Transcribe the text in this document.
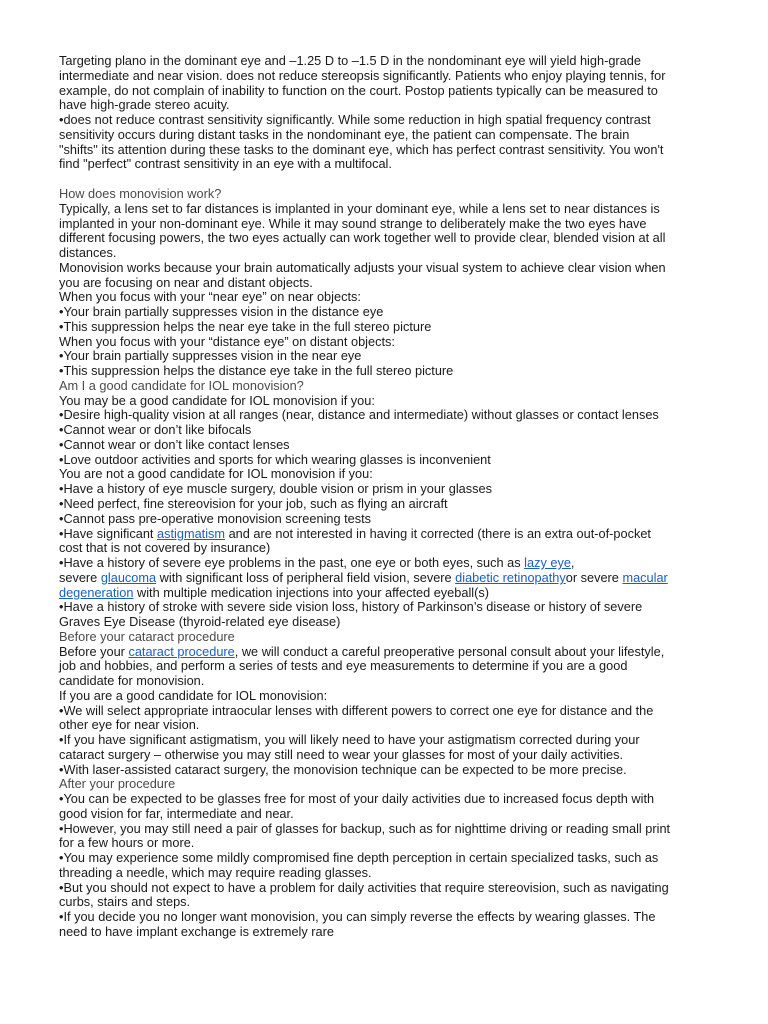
Targeting plano in the dominant eye and –1.25 D to –1.5 D in the nondominant eye will yield high-grade
intermediate and near vision. does not reduce stereopsis significantly. Patients who enjoy playing tennis, for
example, do not complain of inability to function on the court. Postop patients typically can be measured to
have high-grade stereo acuity.
•does not reduce contrast sensitivity significantly. While some reduction in high spatial frequency contrast
sensitivity occurs during distant tasks in the nondominant eye, the patient can compensate. The brain
"shifts" its attention during these tasks to the dominant eye, which has perfect contrast sensitivity. You won't
find "perfect" contrast sensitivity in an eye with a multifocal.
How does monovision work?
Typically, a lens set to far distances is implanted in your dominant eye, while a lens set to near distances is
implanted in your non-dominant eye. While it may sound strange to deliberately make the two eyes have
different focusing powers, the two eyes actually can work together well to provide clear, blended vision at all
distances.
Monovision works because your brain automatically adjusts your visual system to achieve clear vision when
you are focusing on near and distant objects.
When you focus with your “near eye” on near objects:
•Your brain partially suppresses vision in the distance eye
•This suppression helps the near eye take in the full stereo picture
When you focus with your “distance eye” on distant objects:
•Your brain partially suppresses vision in the near eye
•This suppression helps the distance eye take in the full stereo picture
Am I a good candidate for IOL monovision?
You may be a good candidate for IOL monovision if you:
•Desire high-quality vision at all ranges (near, distance and intermediate) without glasses or contact lenses
•Cannot wear or don’t like bifocals
•Cannot wear or don’t like contact lenses
•Love outdoor activities and sports for which wearing glasses is inconvenient
You are not a good candidate for IOL monovision if you:
•Have a history of eye muscle surgery, double vision or prism in your glasses
•Need perfect, fine stereovision for your job, such as flying an aircraft
•Cannot pass pre-operative monovision screening tests
•Have significant astigmatism and are not interested in having it corrected (there is an extra out-of-pocket
cost that is not covered by insurance)
•Have a history of severe eye problems in the past, one eye or both eyes, such as lazy eye,
severe glaucoma with significant loss of peripheral field vision, severe diabetic retinopathyor severe macular
degeneration with multiple medication injections into your affected eyeball(s)
•Have a history of stroke with severe side vision loss, history of Parkinson’s disease or history of severe
Graves Eye Disease (thyroid-related eye disease)
Before your cataract procedure
Before your cataract procedure, we will conduct a careful preoperative personal consult about your lifestyle,
job and hobbies, and perform a series of tests and eye measurements to determine if you are a good
candidate for monovision.
If you are a good candidate for IOL monovision:
•We will select appropriate intraocular lenses with different powers to correct one eye for distance and the
other eye for near vision.
•If you have significant astigmatism, you will likely need to have your astigmatism corrected during your
cataract surgery – otherwise you may still need to wear your glasses for most of your daily activities.
•With laser-assisted cataract surgery, the monovision technique can be expected to be more precise.
After your procedure
•You can be expected to be glasses free for most of your daily activities due to increased focus depth with
good vision for far, intermediate and near.
•However, you may still need a pair of glasses for backup, such as for nighttime driving or reading small print
for a few hours or more.
•You may experience some mildly compromised fine depth perception in certain specialized tasks, such as
threading a needle, which may require reading glasses.
•But you should not expect to have a problem for daily activities that require stereovision, such as navigating
curbs, stairs and steps.
•If you decide you no longer want monovision, you can simply reverse the effects by wearing glasses. The
need to have implant exchange is extremely rare
